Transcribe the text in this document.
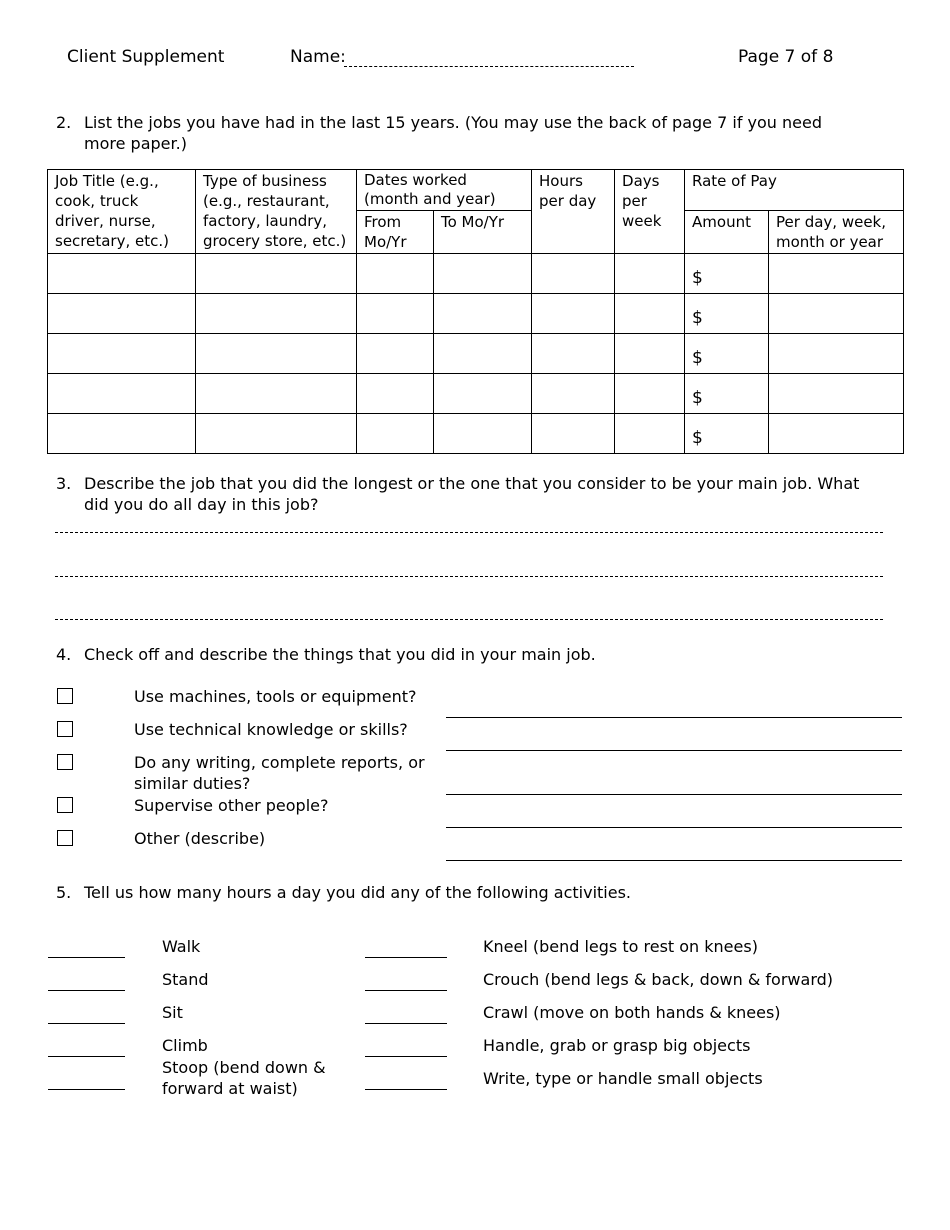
Client Supplement	Name:	Page 7 of 8
2. List the jobs you have had in the last 15 years. (You may use the back of page 7 if you need
more paper.)
Job Title (e.g., cook, truck driver, nurse, secretary, etc.)	Type of business (e.g., restaurant, factory, laundry, grocery store, etc.)	Dates worked (month and year)		Hours per day	Days per week	Rate of Pay	
		From Mo/Yr	To Mo/Yr			Amount	Per day, week, month or year

						$	

						$	

						$	

						$	

						$	

3. Describe the job that you did the longest or the one that you consider to be your main job. What
did you do all day in this job?
4. Check off and describe the things that you did in your main job.
Use machines, tools or equipment?
Use technical knowledge or skills?
Do any writing, complete reports, or similar duties?
Supervise other people?
Other (describe)
5. Tell us how many hours a day you did any of the following activities.
Walk
Stand
Sit
Climb
Stoop (bend down & forward at waist)
Kneel (bend legs to rest on knees)
Crouch (bend legs & back, down & forward)
Crawl (move on both hands & knees)
Handle, grab or grasp big objects
Write, type or handle small objects
